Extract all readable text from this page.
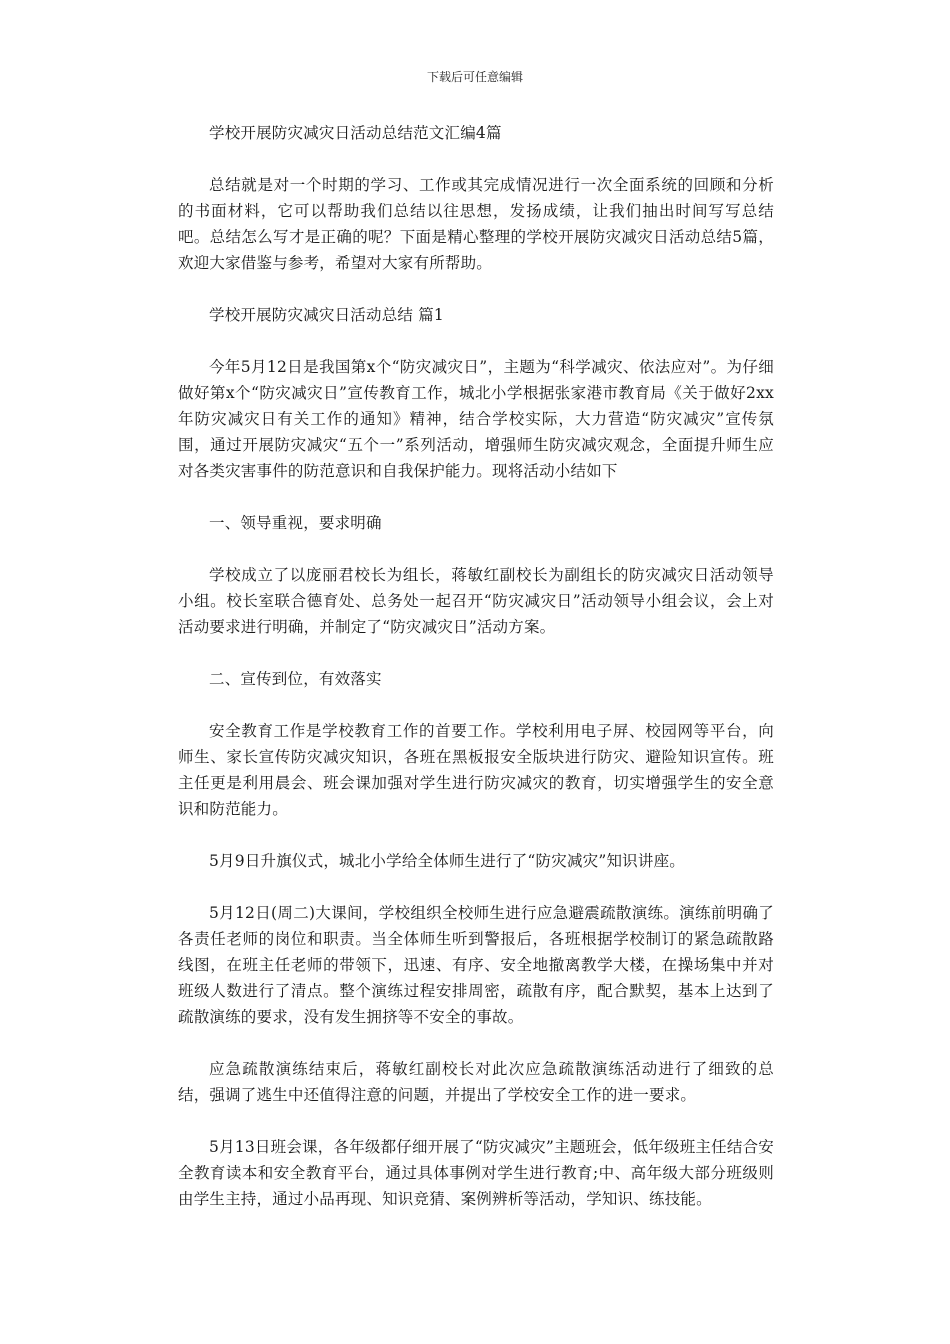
下载后可任意编辑

学校开展防灾减灾日活动总结范文汇编4篇

总结就是对一个时期的学习、工作或其完成情况进行一次全面系统的回顾和分析的书面材料，它可以帮助我们总结以往思想，发扬成绩，让我们抽出时间写写总结吧。总结怎么写才是正确的呢？下面是精心整理的学校开展防灾减灾日活动总结5篇，欢迎大家借鉴与参考，希望对大家有所帮助。

学校开展防灾减灾日活动总结 篇1

今年5月12日是我国第x个“防灾减灾日”，主题为“科学减灾、依法应对”。为仔细做好第x个“防灾减灾日”宣传教育工作，城北小学根据张家港市教育局《关于做好2xx年防灾减灾日有关工作的通知》精神，结合学校实际，大力营造“防灾减灾”宣传氛围，通过开展防灾减灾“五个一”系列活动，增强师生防灾减灾观念，全面提升师生应对各类灾害事件的防范意识和自我保护能力。现将活动小结如下

一、领导重视，要求明确

学校成立了以庞丽君校长为组长，蒋敏红副校长为副组长的防灾减灾日活动领导小组。校长室联合德育处、总务处一起召开“防灾减灾日”活动领导小组会议，会上对活动要求进行明确，并制定了“防灾减灾日”活动方案。

二、宣传到位，有效落实

安全教育工作是学校教育工作的首要工作。学校利用电子屏、校园网等平台，向师生、家长宣传防灾减灾知识，各班在黑板报安全版块进行防灾、避险知识宣传。班主任更是利用晨会、班会课加强对学生进行防灾减灾的教育，切实增强学生的安全意识和防范能力。

5月9日升旗仪式，城北小学给全体师生进行了“防灾减灾”知识讲座。

5月12日(周二)大课间，学校组织全校师生进行应急避震疏散演练。演练前明确了各责任老师的岗位和职责。当全体师生听到警报后，各班根据学校制订的紧急疏散路线图，在班主任老师的带领下，迅速、有序、安全地撤离教学大楼，在操场集中并对班级人数进行了清点。整个演练过程安排周密，疏散有序，配合默契，基本上达到了疏散演练的要求，没有发生拥挤等不安全的事故。

应急疏散演练结束后，蒋敏红副校长对此次应急疏散演练活动进行了细致的总结，强调了逃生中还值得注意的问题，并提出了学校安全工作的进一要求。

5月13日班会课，各年级都仔细开展了“防灾减灾”主题班会，低年级班主任结合安全教育读本和安全教育平台，通过具体事例对学生进行教育;中、高年级大部分班级则由学生主持，通过小品再现、知识竞猜、案例辨析等活动，学知识、练技能。
